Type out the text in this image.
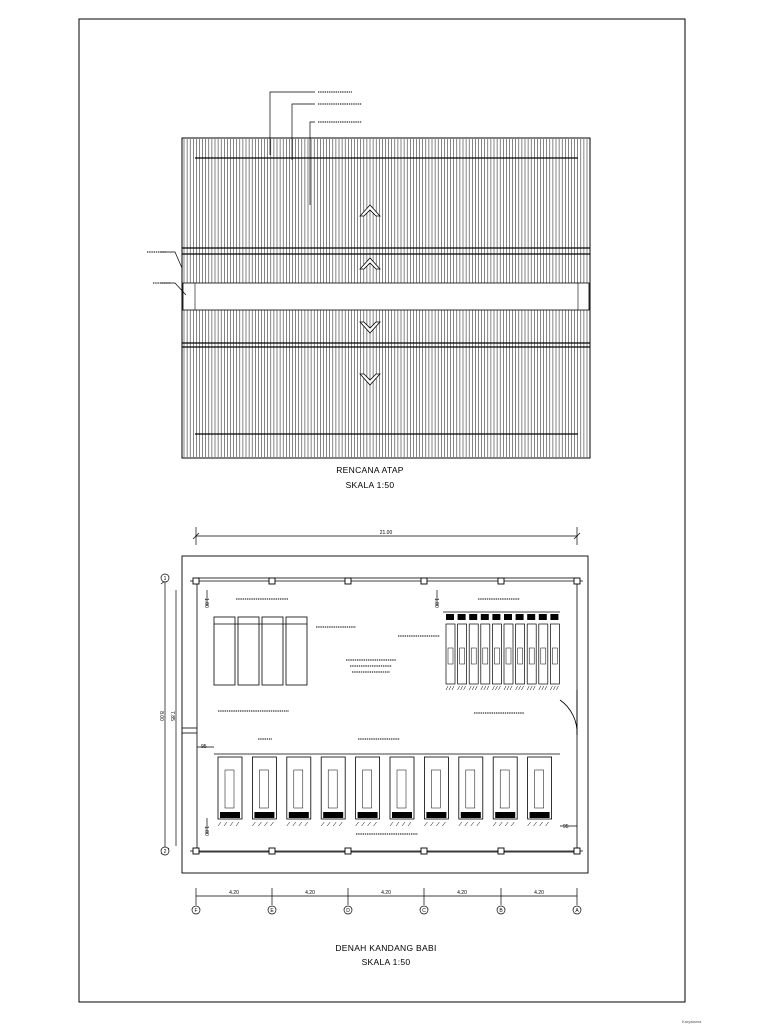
RENCANA ATAP
SKALA 1:50
21.00
8.00 7.85
1
2
95
95
1.80
1.80
1.80
4.20	4.20	4.20	4.20	4.20
F	E	D	C	B	A
DENAH KANDANG BABI
SKALA 1:50
Karyatama
